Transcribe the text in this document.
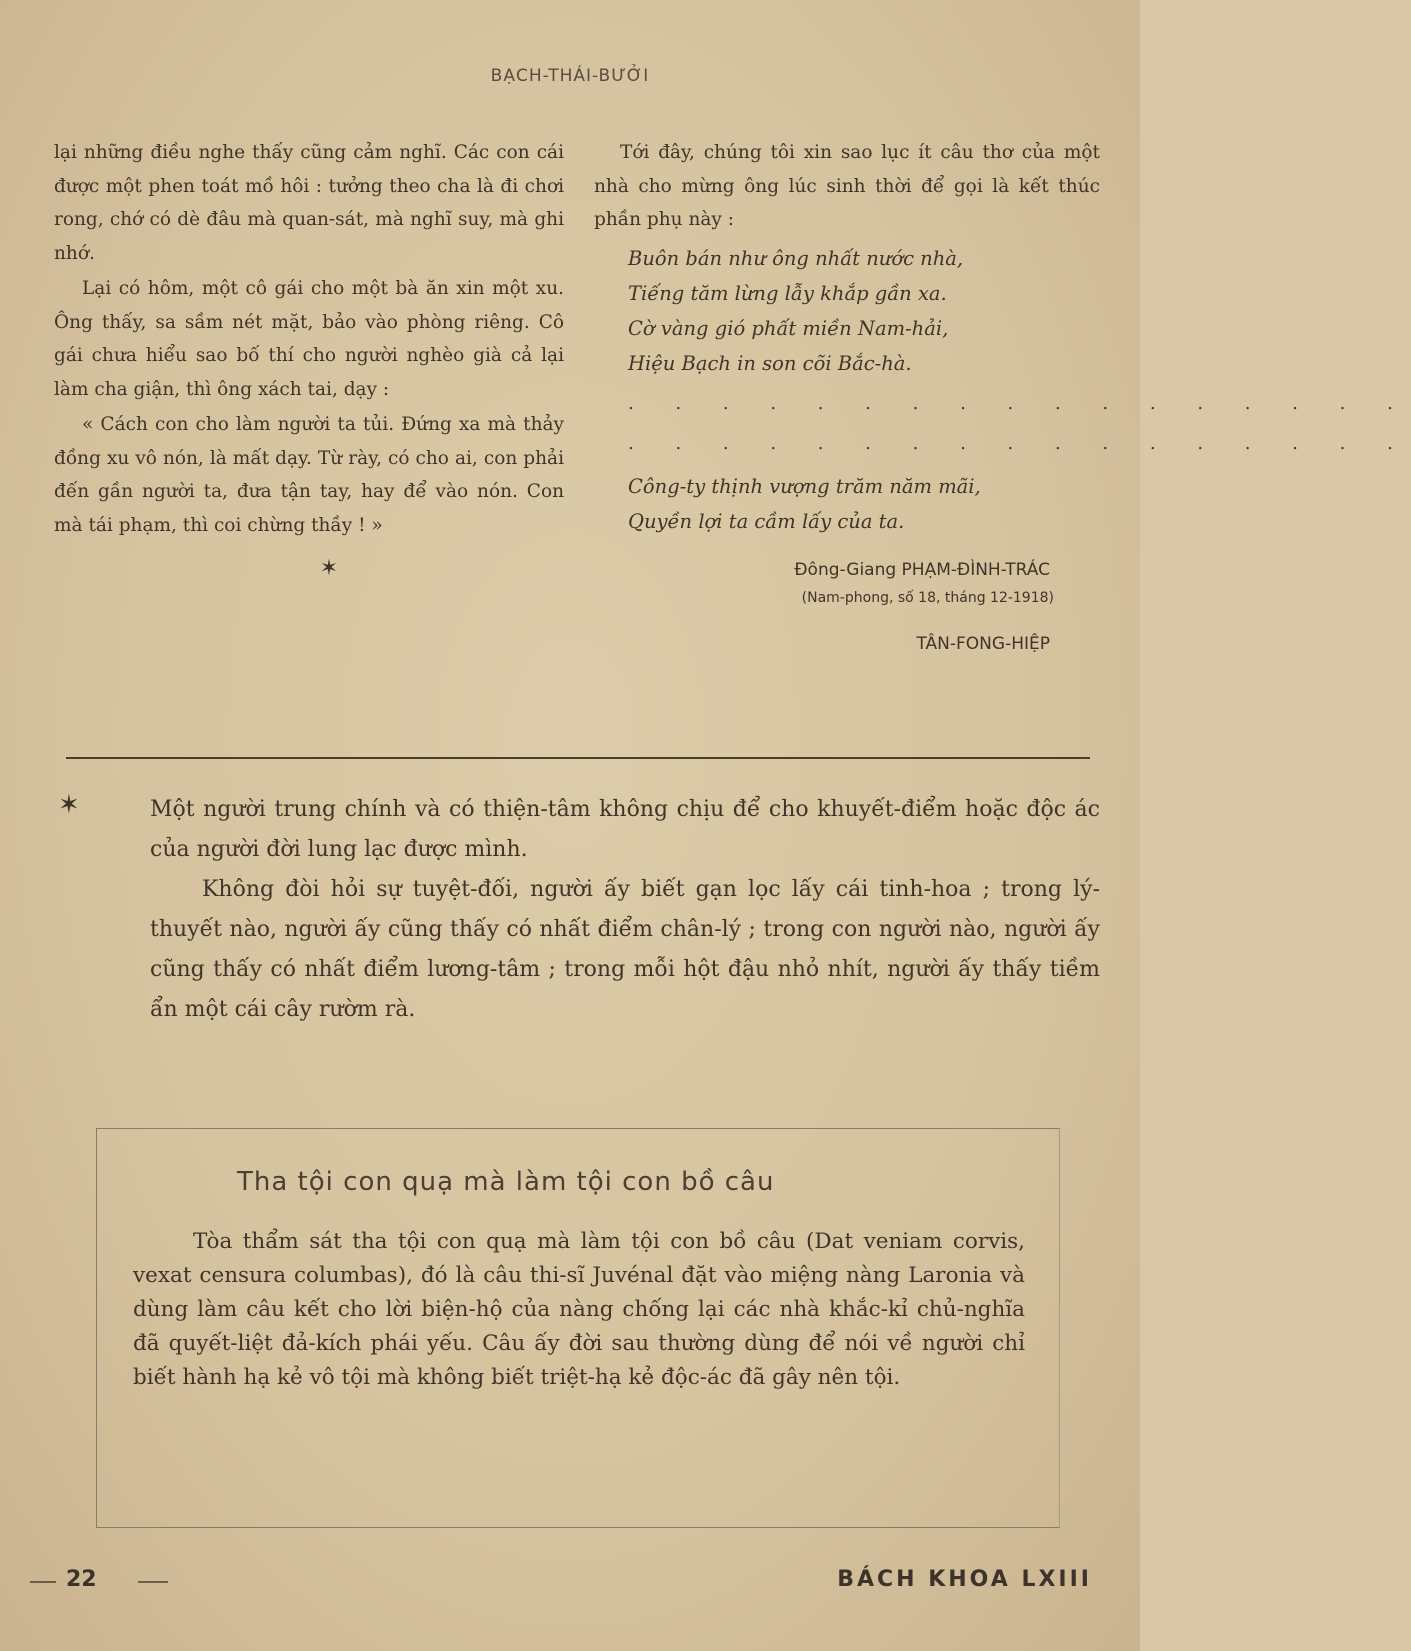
BẠCH-THÁI-BƯỞI

lại những điều nghe thấy cũng cảm nghĩ. Các con cái được một phen toát mồ hôi : tưởng theo cha là đi chơi rong, chớ có dè đâu mà quan-sát, mà nghĩ suy, mà ghi nhớ.

Lại có hôm, một cô gái cho một bà ăn xin một xu. Ông thấy, sa sầm nét mặt, bảo vào phòng riêng. Cô gái chưa hiểu sao bố thí cho người nghèo già cả lại làm cha giận, thì ông xách tai, dạy :

« Cách con cho làm người ta tủi. Đứng xa mà thảy đồng xu vô nón, là mất dạy. Từ rày, có cho ai, con phải đến gần người ta, đưa tận tay, hay để vào nón. Con mà tái phạm, thì coi chừng thầy ! »

✶

Tới đây, chúng tôi xin sao lục ít câu thơ của một nhà cho mừng ông lúc sinh thời để gọi là kết thúc phần phụ này :

Buôn bán như ông nhất nước nhà,
Tiếng tăm lừng lẫy khắp gần xa.
Cờ vàng gió phất miền Nam-hải,
Hiệu Bạch in son cõi Bắc-hà.
. . . . . . . . . . . . . . . . .
. . . . . . . . . . . . . . . . .
Công-ty thịnh vượng trăm năm mãi,
Quyền lợi ta cầm lấy của ta.
Đông-Giang PHẠM-ĐÌNH-TRÁC
(Nam-phong, số 18, tháng 12-1918)
TÂN-FONG-HIỆP
✶	Một người trung chính và có thiện-tâm không chịu để cho khuyết-điểm hoặc độc ác của người đời lung lạc được mình.

Không đòi hỏi sự tuyệt-đối, người ấy biết gạn lọc lấy cái tinh-hoa ; trong lý-thuyết nào, người ấy cũng thấy có nhất điểm chân-lý ; trong con người nào, người ấy cũng thấy có nhất điểm lương-tâm ; trong mỗi hột đậu nhỏ nhít, người ấy thấy tiềm ẩn một cái cây rườm rà.

Tha tội con quạ mà làm tội con bồ câu

Tòa thẩm sát tha tội con quạ mà làm tội con bồ câu (Dat veniam corvis, vexat censura columbas), đó là câu thi-sĩ Juvénal đặt vào miệng nàng Laronia và dùng làm câu kết cho lời biện-hộ của nàng chống lại các nhà khắc-kỉ chủ-nghĩa đã quyết-liệt đả-kích phái yếu. Câu ấy đời sau thường dùng để nói về người chỉ biết hành hạ kẻ vô tội mà không biết triệt-hạ kẻ độc-ác đã gây nên tội.

22	BÁCH KHOA LXIII
